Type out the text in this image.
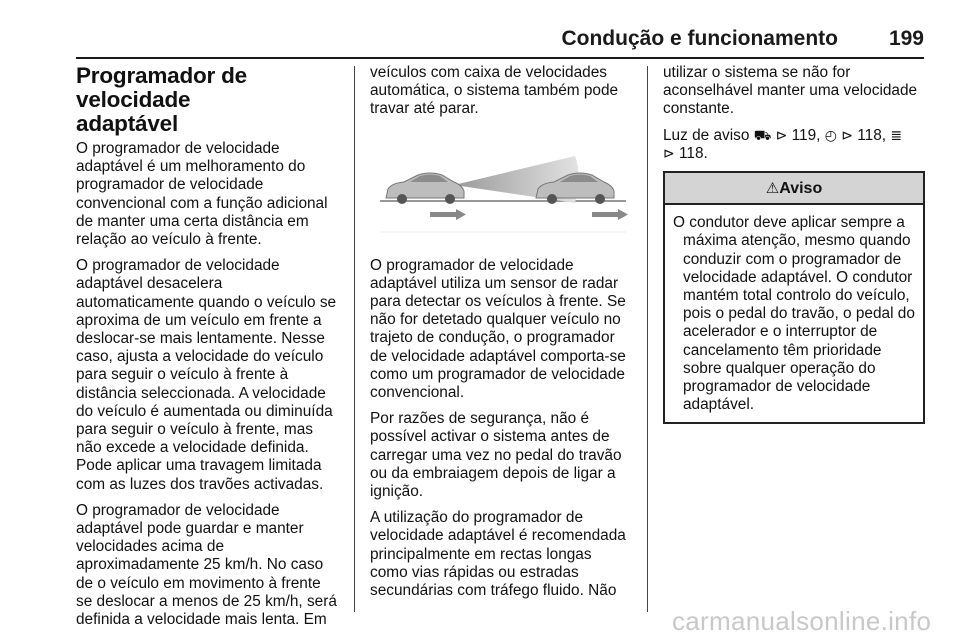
Condução e funcionamento 199
Programador de velocidade
adaptável

O programador de velocidade adaptável é um melhoramento do programador de velocidade convencional com a função adicional de manter uma certa distância em relação ao veículo à frente.

O programador de velocidade adaptável desacelera automaticamente quando o veículo se aproxima de um veículo em frente a deslocar-se mais lentamente. Nesse caso, ajusta a velocidade do veículo para seguir o veículo à frente à distância seleccionada. A velocidade do veículo é aumentada ou diminuída para seguir o veículo à frente, mas não excede a velocidade definida. Pode aplicar uma travagem limitada com as luzes dos travões activadas.

O programador de velocidade adaptável pode guardar e manter velocidades acima de aproximadamente 25 km/h. No caso de o veículo em movimento à frente se deslocar a menos de 25 km/h, será definida a velocidade mais lenta. Em

veículos com caixa de velocidades automática, o sistema também pode travar até parar.

O programador de velocidade adaptável utiliza um sensor de radar para detectar os veículos à frente. Se não for detetado qualquer veículo no trajeto de condução, o programador de velocidade adaptável comporta-se como um programador de velocidade convencional.

Por razões de segurança, não é possível activar o sistema antes de carregar uma vez no pedal do travão ou da embraiagem depois de ligar a ignição.

A utilização do programador de velocidade adaptável é recomendada principalmente em rectas longas como vias rápidas ou estradas secundárias com tráfego fluido. Não

utilizar o sistema se não for aconselhável manter uma velocidade constante.

Luz de aviso ⛟ ⊳ 119, ◴ ⊳ 118, ≣
⊳ 118.

⚠Aviso
O condutor deve aplicar sempre a
máxima atenção, mesmo quando conduzir com o programador de velocidade adaptável. O condutor mantém total controlo do veículo, pois o pedal do travão, o pedal do acelerador e o interruptor de cancelamento têm prioridade sobre qualquer operação do programador de velocidade adaptável.
carmanualsonline.info
